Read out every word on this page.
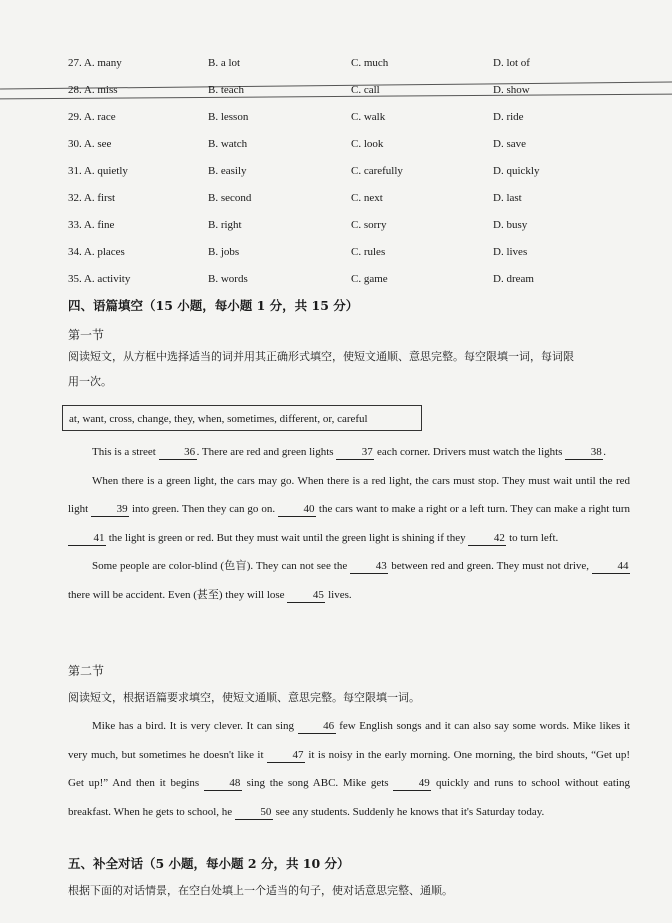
27. A. many	B. a lot	C. much	D. lot of
28. A. miss	B. teach	C. call	D. show
29. A. race	B. lesson	C. walk	D. ride
30. A. see	B. watch	C. look	D. save
31. A. quietly	B. easily	C. carefully	D. quickly
32. A. first	B. second	C. next	D. last
33. A. fine	B. right	C. sorry	D. busy
34. A. places	B. jobs	C. rules	D. lives
35. A. activity	B. words	C. game	D. dream
四、语篇填空（15 小题，每小题 1 分，共 15 分）
第一节
阅读短文，从方框中选择适当的词并用其正确形式填空，使短文通顺、意思完整。每空限填一词，每词限
用一次。
at, want, cross, change, they, when, sometimes, different, or, careful

This is a street 36 . There are red and green lights 37 each corner. Drivers must watch the lights 38 .

When there is a green light, the cars may go. When there is a red light, the cars must stop. They must wait until the red light 39 into green. Then they can go on. 40 the cars want to make a right or a left turn. They can make a right turn 41 the light is green or red. But they must wait until the green light is shining if they 42 to turn left.

Some people are color-blind (色盲). They can not see the 43 between red and green. They must not drive, 44 there will be accident. Even (甚至) they will lose 45 lives.

第二节
阅读短文，根据语篇要求填空，使短文通顺、意思完整。每空限填一词。

Mike has a bird. It is very clever. It can sing 46 few English songs and it can also say some words. Mike likes it very much, but sometimes he doesn't like it 47 it is noisy in the early morning. One morning, the bird shouts, “Get up! Get up!” And then it begins 48 sing the song ABC. Mike gets 49 quickly and runs to school without eating breakfast. When he gets to school, he 50 see any students. Suddenly he knows that it's Saturday today.

五、补全对话（5 小题，每小题 2 分，共 10 分）
根据下面的对话情景，在空白处填上一个适当的句子，使对话意思完整、通顺。
